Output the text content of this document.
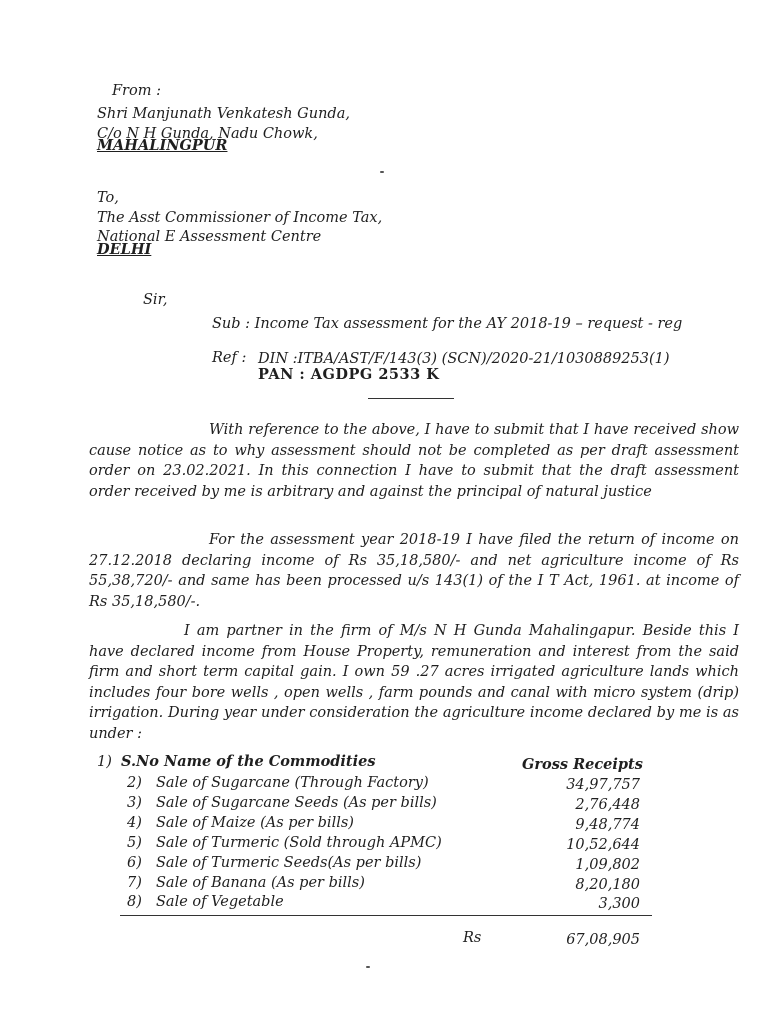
From :
Shri Manjunath Venkatesh Gunda,
C/o N H Gunda, Nadu Chowk,
MAHALINGPUR
To,
The Asst Commissioner of Income Tax,
National E Assessment Centre
DELHI
Sir,
Sub : Income Tax assessment for the AY 2018-19 – request - reg
Ref : DIN :ITBA/AST/F/143(3) (SCN)/2020-21/1030889253(1)
PAN : AGDPG 2533 K

With reference to the above, I have to submit that I have received show cause notice as to why assessment should not be completed as per draft assessment order on 23.02.2021. In this connection I have to submit that the draft assessment order received by me is arbitrary and against the principal of natural justice

For the assessment year 2018-19 I have filed the return of income on 27.12.2018 declaring income of Rs 35,18,580/- and net agriculture income of Rs 55,38,720/- and same has been processed u/s 143(1) of the I T Act, 1961. at income of Rs 35,18,580/-.

I am partner in the firm of M/s N H Gunda Mahalingapur. Beside this I have declared income from House Property, remuneration and interest from the said firm and short term capital gain. I own 59 .27 acres irrigated agriculture lands which includes four bore wells , open wells , farm pounds and canal with micro system (drip) irrigation. During year under consideration the agriculture income declared by me is as under :

1) S.No Name of the Commodities	Gross Receipts
2) Sale of Sugarcane (Through Factory)	34,97,757
3) Sale of Sugarcane Seeds (As per bills)	2,76,448
4) Sale of Maize (As per bills)	9,48,774
5) Sale of Turmeric (Sold through APMC)	10,52,644
6) Sale of Turmeric Seeds(As per bills)	1,09,802
7) Sale of Banana (As per bills)	8,20,180
8) Sale of Vegetable	3,300
Rs	67,08,905
